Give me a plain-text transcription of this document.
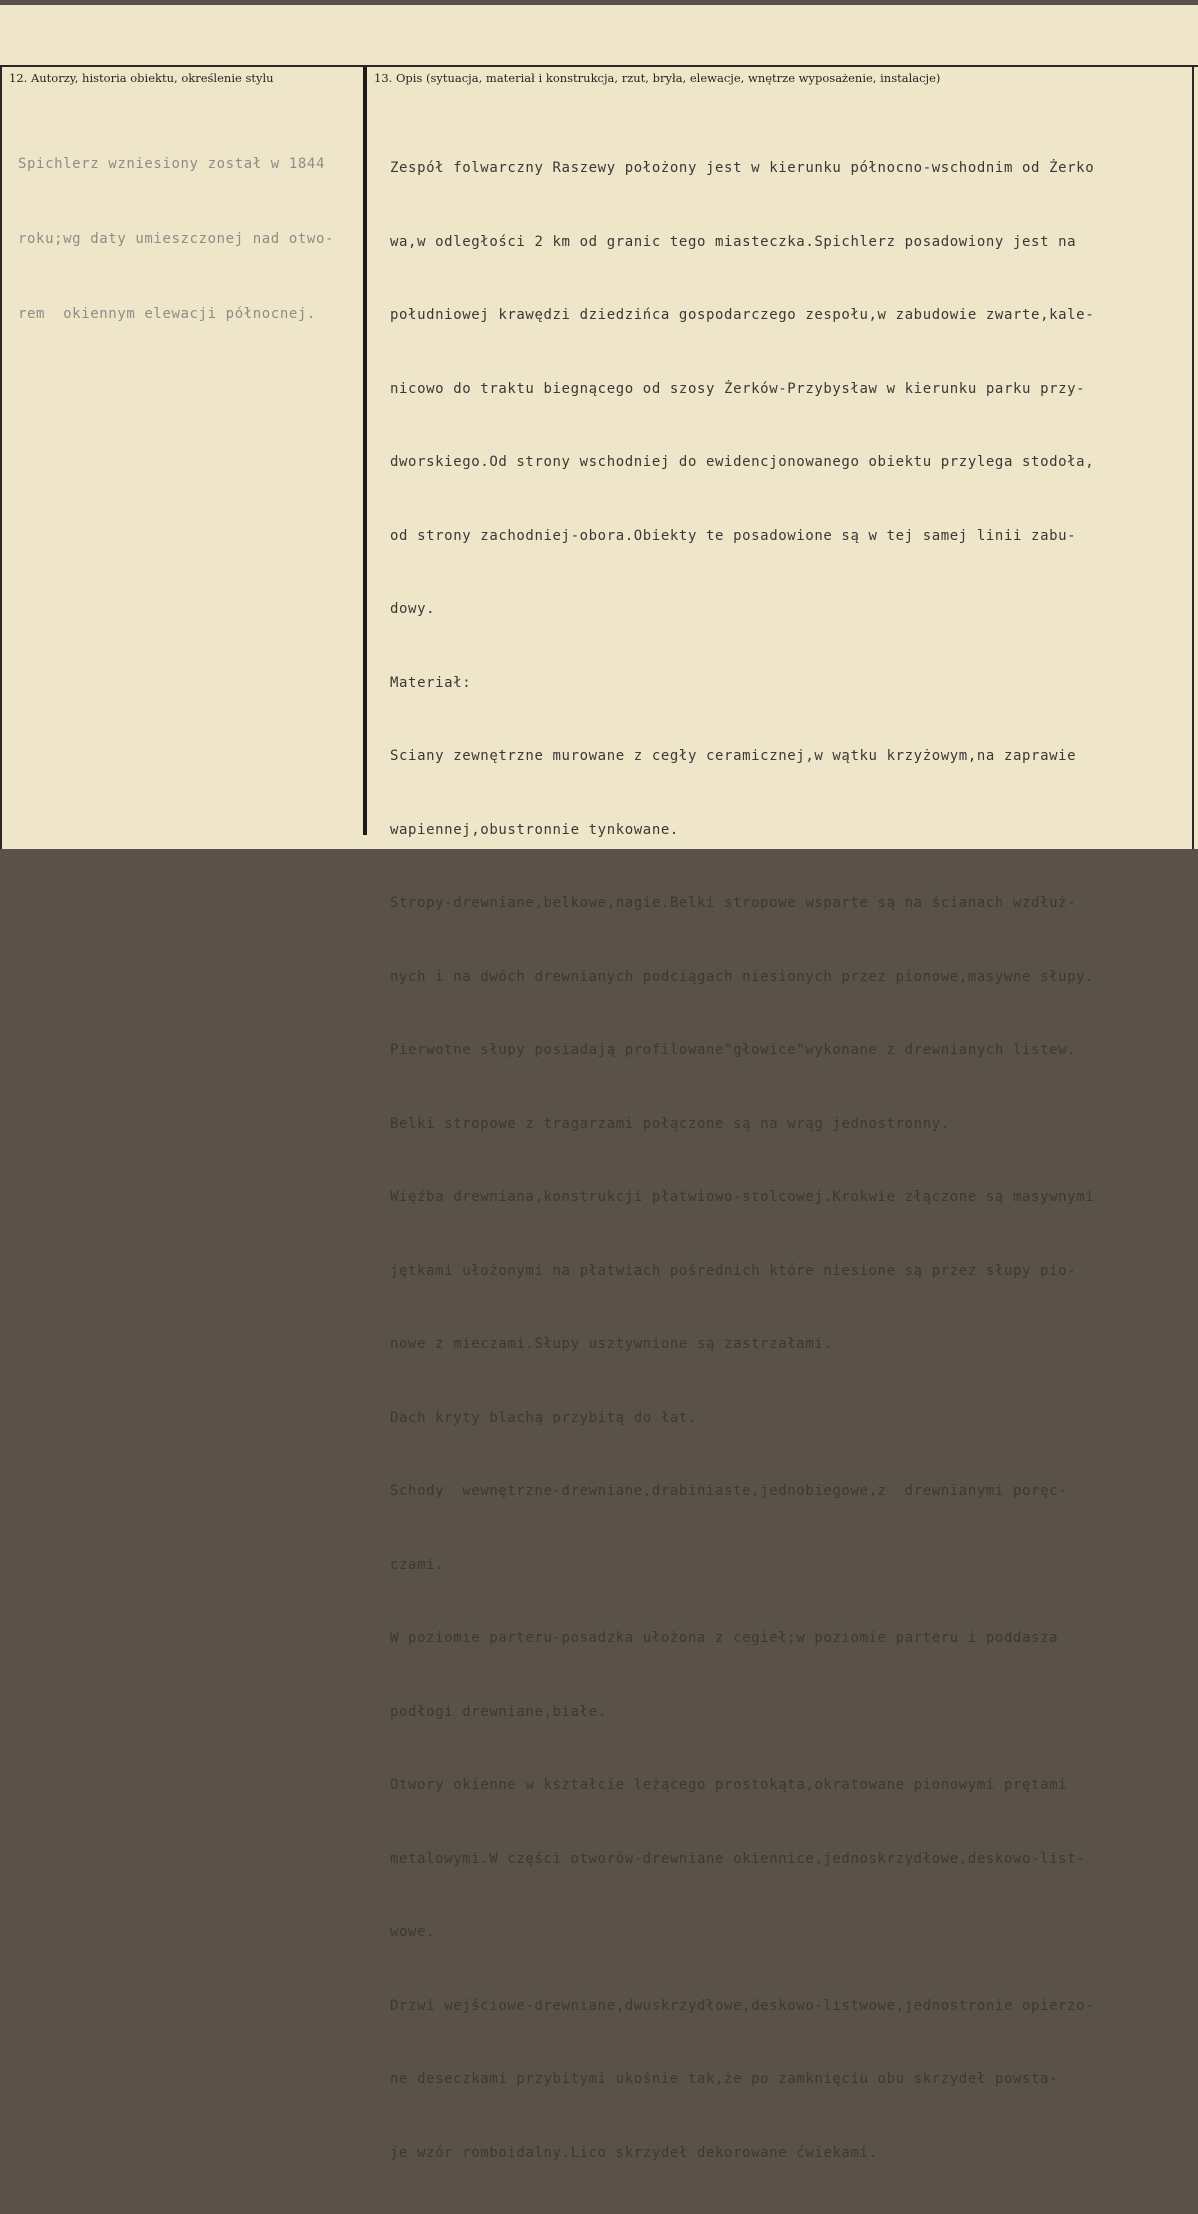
12. Autorzy, historia obiektu, określenie stylu	13. Opis (sytuacja, materiał i konstrukcja, rzut, bryła, elewacje, wnętrze wyposażenie, instalacje)

Spichlerz wzniesiony został w 1844

roku;wg daty umieszczonej nad otwo-

rem  okiennym elewacji północnej.

Zespół folwarczny Raszewy położony jest w kierunku północno-wschodnim od Żerko

wa,w odległości 2 km od granic tego miasteczka.Spichlerz posadowiony jest na

południowej krawędzi dziedzińca gospodarczego zespołu,w zabudowie zwarte,kale-

nicowo do traktu biegnącego od szosy Żerków-Przybysław w kierunku parku przy-

dworskiego.Od strony wschodniej do ewidencjonowanego obiektu przylega stodoła,

od strony zachodniej-obora.Obiekty te posadowione są w tej samej linii zabu-

dowy.

Materiał:

Sciany zewnętrzne murowane z cegły ceramicznej,w wątku krzyżowym,na zaprawie

wapiennej,obustronnie tynkowane.

Stropy-drewniane,belkowe,nagie.Belki stropowe wsparte są na ścianach wzdłuż-

nych i na dwóch drewnianych podciągach niesionych przez pionowe,masywne słupy.

Pierwotne słupy posiadają profilowane"głowice"wykonane z drewnianych listew.

Belki stropowe z tragarzami połączone są na wrąg jednostronny.

Więźba drewniana,konstrukcji płatwiowo-stolcowej.Krokwie złączone są masywnymi

jętkami ułożonymi na płatwiach pośrednich które niesione są przez słupy pio-

nowe z mieczami.Słupy usztywnione są zastrzałami.

Dach kryty blachą przybitą do łat.

Schody  wewnętrzne-drewniane,drabiniaste,jednobiegowe,z  drewnianymi poręc-

czami.

W poziomie parteru-posadzka ułożona z cegieł;w poziomie parteru i poddasza

podłogi drewniane,białe.

Otwory okienne w kształcie leżącego prostokąta,okratowane pionowymi prętami

metalowymi.W części otworów-drewniane okiennice,jednoskrzydłowe,deskowo-list-

wowe.

Drzwi wejściowe-drewniane,dwuskrzydłowe,deskowo-listwowe,jednostronie opierzo-

ne deseczkami przybitymi ukośnie tak,że po zamknięciu obu skrzydeł powsta-

je wzór romboidalny.Lico skrzydeł dekorowane ćwiekami.
